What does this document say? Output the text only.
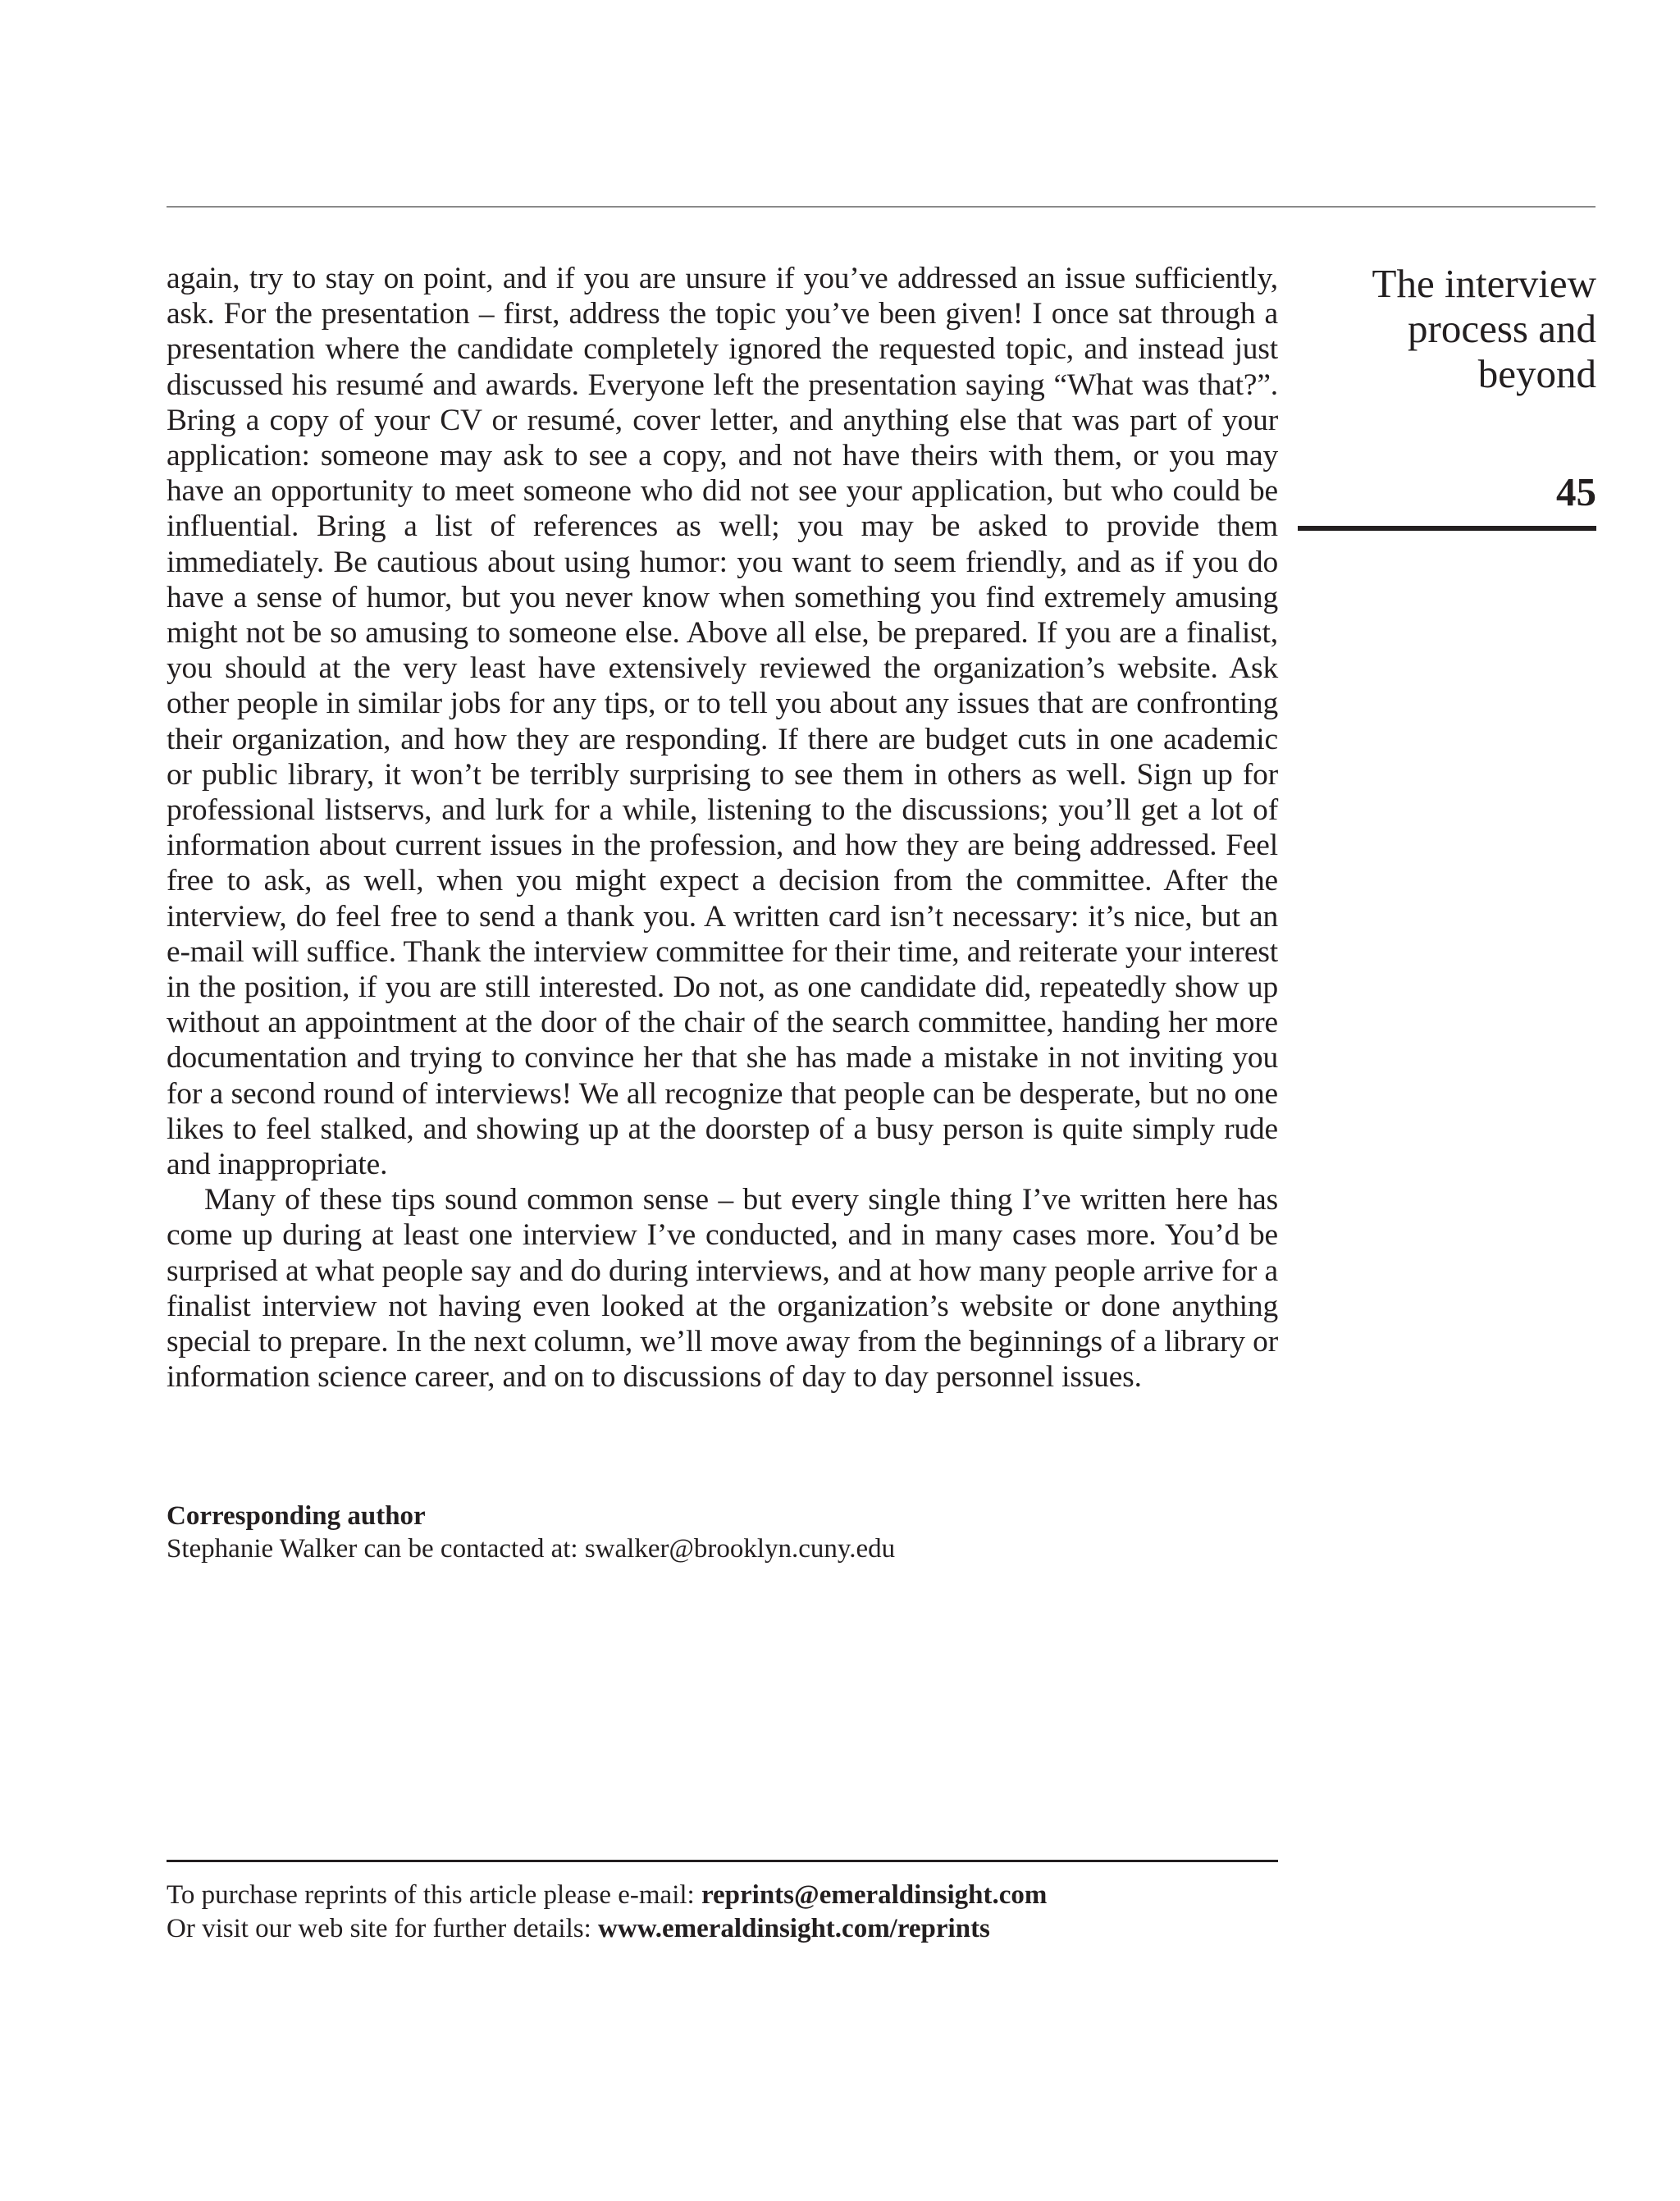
again, try to stay on point, and if you are unsure if you’ve addressed an issue sufficiently, ask. For the presentation – first, address the topic you’ve been given! I once sat through a presentation where the candidate completely ignored the requested topic, and instead just discussed his resumé and awards. Everyone left the presentation saying “What was that?”. Bring a copy of your CV or resumé, cover letter, and anything else that was part of your application: someone may ask to see a copy, and not have theirs with them, or you may have an opportunity to meet someone who did not see your application, but who could be influential. Bring a list of references as well; you may be asked to provide them immediately. Be cautious about using humor: you want to seem friendly, and as if you do have a sense of humor, but you never know when something you find extremely amusing might not be so amusing to someone else. Above all else, be prepared. If you are a finalist, you should at the very least have extensively reviewed the organization’s website. Ask other people in similar jobs for any tips, or to tell you about any issues that are confronting their organization, and how they are responding. If there are budget cuts in one academic or public library, it won’t be terribly surprising to see them in others as well. Sign up for professional listservs, and lurk for a while, listening to the discussions; you’ll get a lot of information about current issues in the profession, and how they are being addressed. Feel free to ask, as well, when you might expect a decision from the committee. After the interview, do feel free to send a thank you. A written card isn’t necessary: it’s nice, but an e-mail will suffice. Thank the interview committee for their time, and reiterate your interest in the position, if you are still interested. Do not, as one candidate did, repeatedly show up without an appointment at the door of the chair of the search committee, handing her more documentation and trying to convince her that she has made a mistake in not inviting you for a second round of interviews! We all recognize that people can be desperate, but no one likes to feel stalked, and showing up at the doorstep of a busy person is quite simply rude and inappropriate.

Many of these tips sound common sense – but every single thing I’ve written here has come up during at least one interview I’ve conducted, and in many cases more. You’d be surprised at what people say and do during interviews, and at how many people arrive for a finalist interview not having even looked at the organization’s website or done anything special to prepare. In the next column, we’ll move away from the beginnings of a library or information science career, and on to discussions of day to day personnel issues.

The interview
process and
beyond
45
Corresponding author
Stephanie Walker can be contacted at: swalker@brooklyn.cuny.edu
To purchase reprints of this article please e-mail: reprints@emeraldinsight.com
Or visit our web site for further details: www.emeraldinsight.com/reprints
